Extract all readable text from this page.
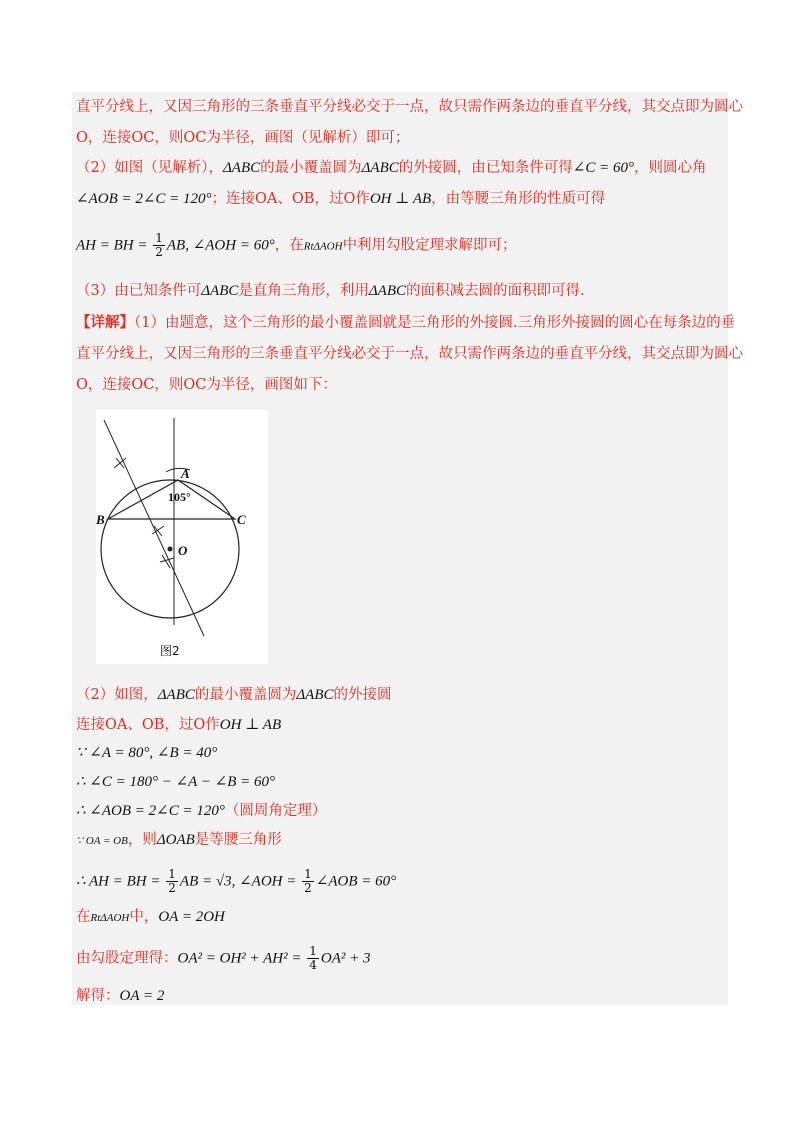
直平分线上，又因三角形的三条垂直平分线必交于一点，故只需作两条边的垂直平分线，其交点即为圆心
O，连接OC，则OC为半径，画图（见解析）即可；
（2）如图（见解析），ΔABC的最小覆盖圆为ΔABC的外接圆，由已知条件可得∠C = 60°，则圆心角
∠AOB = 2∠C = 120°；连接OA、OB，过O作OH ⊥ AB，由等腰三角形的性质可得
AH = BH = $\frac{1}{2}$ AB, ∠AOH = 60°，在RtΔAOH中利用勾股定理求解即可；
（3）由已知条件可ΔABC是直角三角形，利用ΔABC的面积减去圆的面积即可得.
【详解】（1）由题意，这个三角形的最小覆盖圆就是三角形的外接圆.三角形外接圆的圆心在每条边的垂
直平分线上，又因三角形的三条垂直平分线必交于一点，故只需作两条边的垂直平分线，其交点即为圆心
O，连接OC，则OC为半径，画图如下：
A
B	C
O
105°
图2
（2）如图，ΔABC的最小覆盖圆为ΔABC的外接圆
连接OA、OB，过O作OH ⊥ AB
∵ ∠A = 80°, ∠B = 40°
∴ ∠C = 180° − ∠A − ∠B = 60°
∴ ∠AOB = 2∠C = 120°（圆周角定理）
∵ OA = OB，则ΔOAB是等腰三角形
∴ AH = BH = $\frac{1}{2}$ AB = √3, ∠AOH = $\frac{1}{2}$ ∠AOB = 60°
在RtΔAOH中，OA = 2OH
由勾股定理得：$OA^2 = OH^2 + AH^2 = \frac{1}{4} OA^2 + 3$
解得：OA = 2
